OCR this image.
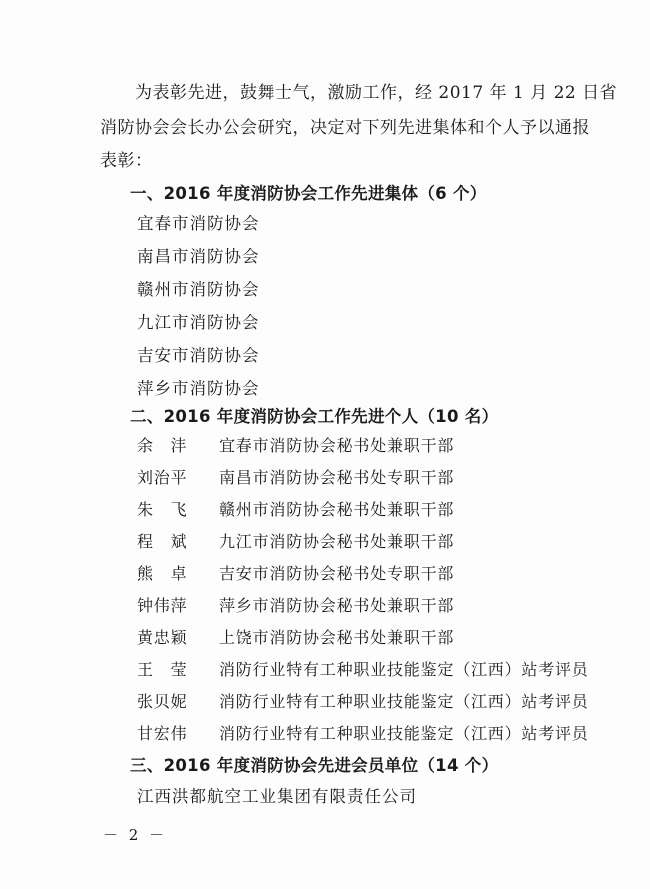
为表彰先进，鼓舞士气，激励工作，经 2017 年 1 月 22 日省
消防协会会长办公会研究，决定对下列先进集体和个人予以通报
表彰：
一、2016 年度消防协会工作先进集体（6 个）
宜春市消防协会
南昌市消防协会
赣州市消防协会
九江市消防协会
吉安市消防协会
萍乡市消防协会
二、2016 年度消防协会工作先进个人（10 名）
余　沣	宜春市消防协会秘书处兼职干部
刘治平	南昌市消防协会秘书处专职干部
朱　飞	赣州市消防协会秘书处兼职干部
程　斌	九江市消防协会秘书处兼职干部
熊　卓	吉安市消防协会秘书处专职干部
钟伟萍	萍乡市消防协会秘书处兼职干部
黄忠颖	上饶市消防协会秘书处兼职干部
王　莹	消防行业特有工种职业技能鉴定（江西）站考评员
张贝妮	消防行业特有工种职业技能鉴定（江西）站考评员
甘宏伟	消防行业特有工种职业技能鉴定（江西）站考评员
三、2016 年度消防协会先进会员单位（14 个）
江西洪都航空工业集团有限责任公司
－ 2 －
